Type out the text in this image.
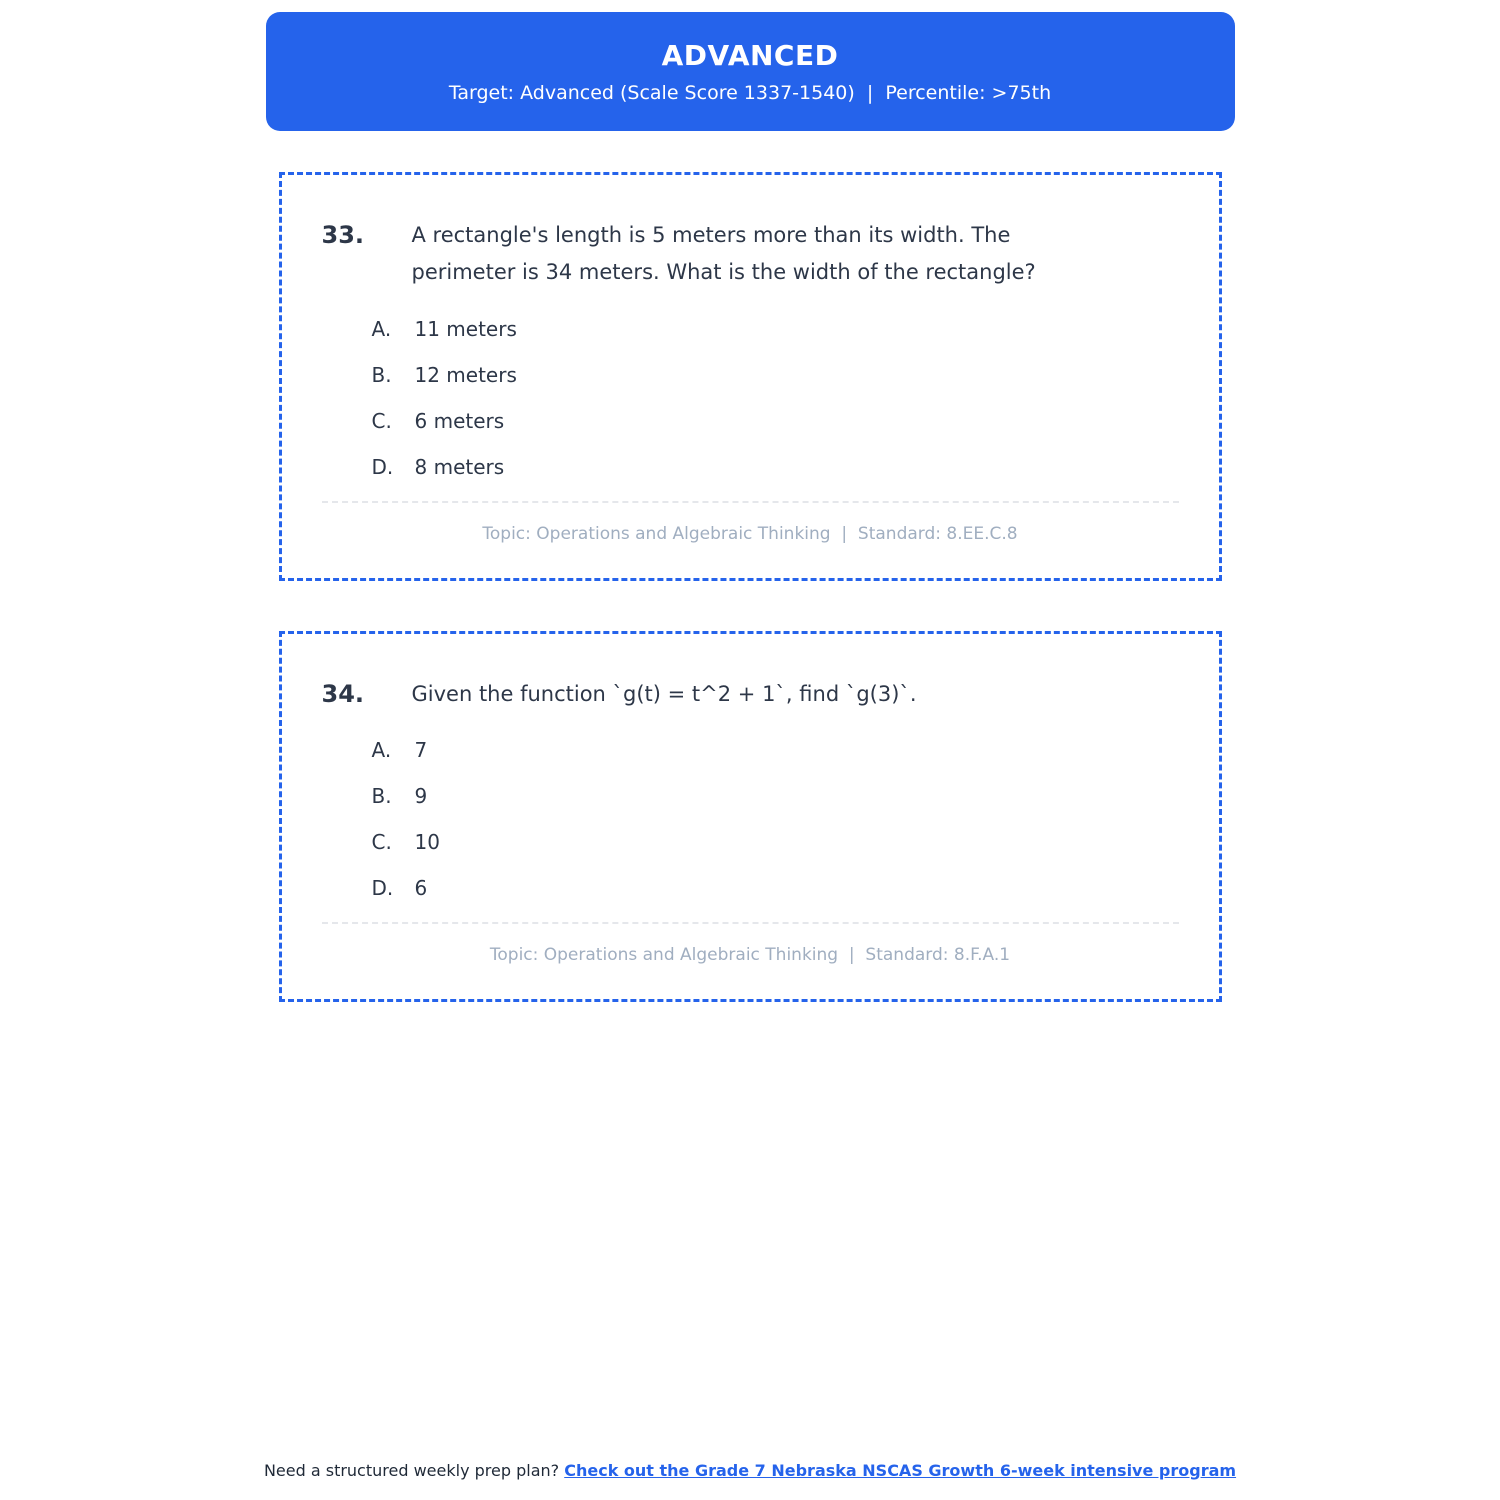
ADVANCED
Target: Advanced (Scale Score 1337-1540)  |  Percentile: >75th
33.	A rectangle's length is 5 meters more than its width. The perimeter is 34 meters. What is the width of the rectangle?
A.	11 meters
B.	12 meters
C.	6 meters
D.	8 meters
Topic: Operations and Algebraic Thinking  |  Standard: 8.EE.C.8
34.	Given the function `g(t) = t^2 + 1`, find `g(3)`.
A.	7
B.	9
C.	10
D.	6
Topic: Operations and Algebraic Thinking  |  Standard: 8.F.A.1
Need a structured weekly prep plan? Check out the Grade 7 Nebraska NSCAS Growth 6-week intensive program
